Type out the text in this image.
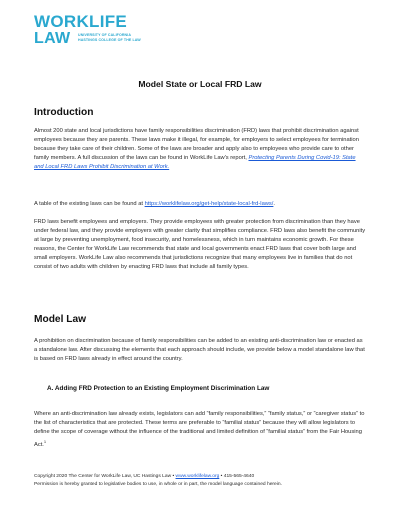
WORKLIFE
LAW UNIVERSITY OF CALIFORNIA
HASTINGS COLLEGE OF THE LAW
Model State or Local FRD Law
Introduction

Almost 200 state and local jurisdictions have family responsibilities discrimination (FRD) laws that prohibit discrimination against employees because they are parents. These laws make it illegal, for example, for employers to select employees for termination because they take care of their children. Some of the laws are broader and apply also to employees who provide care to other family members. A full discussion of the laws can be found in WorkLife Law's report, Protecting Parents During Covid-19: State and Local FRD Laws Prohibit Discrimination at Work.

A table of the existing laws can be found at https://worklifelaw.org/get-help/state-local-frd-laws/.

FRD laws benefit employees and employers. They provide employees with greater protection from discrimination than they have under federal law, and they provide employers with greater clarity that simplifies compliance. FRD laws also benefit the community at large by preventing unemployment, food insecurity, and homelessness, which in turn maintains economic growth. For these reasons, the Center for WorkLife Law recommends that state and local governments enact FRD laws that cover both large and small employers. WorkLife Law also recommends that jurisdictions recognize that many employees live in families that do not consist of two adults with children by enacting FRD laws that include all family types.

Model Law

A prohibition on discrimination because of family responsibilities can be added to an existing anti-discrimination law or enacted as a standalone law. After discussing the elements that each approach should include, we provide below a model standalone law that is based on FRD laws already in effect around the country.

A. Adding FRD Protection to an Existing Employment Discrimination Law

Where an anti-discrimination law already exists, legislators can add “family responsibilities,” “family status,” or “caregiver status” to the list of characteristics that are protected. These terms are preferable to “familial status” because they will allow legislators to define the scope of coverage without the influence of the traditional and limited definition of “familial status” from the Fair Housing Act.$^1$

Copyright 2020 The Center for WorkLife Law, UC Hastings Law • www.worklifelaw.org • 415-565-4640
Permission is hereby granted to legislative bodies to use, in whole or in part, the model language contained herein.
